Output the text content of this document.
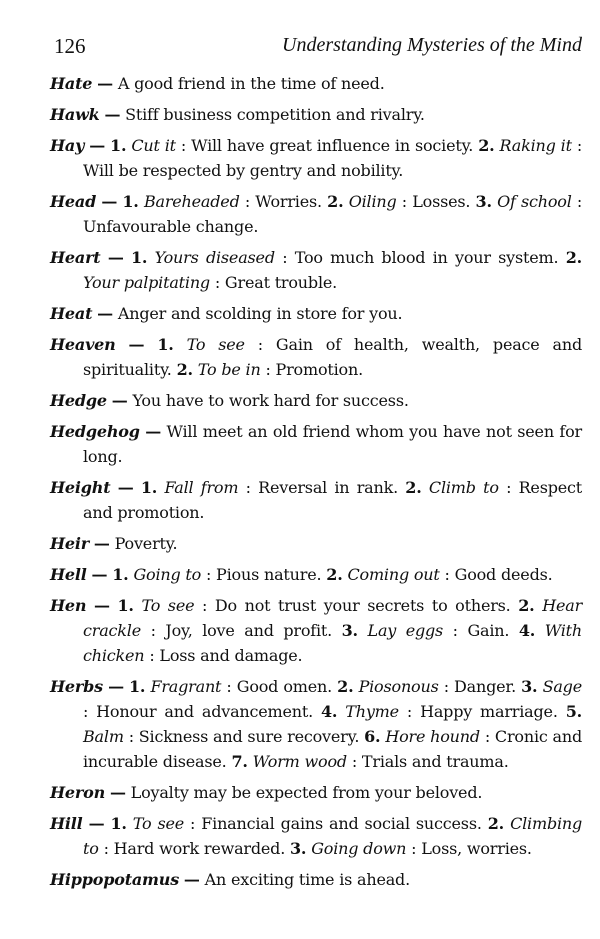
126	Understanding Mysteries of the Mind

Hate — A good friend in the time of need.

Hawk — Stiff business competition and rivalry.

Hay — 1. Cut it : Will have great influence in society. 2. Raking it : Will be respected by gentry and nobility.

Head — 1. Bareheaded : Worries. 2. Oiling : Losses. 3. Of school : Unfavourable change.

Heart — 1. Yours diseased : Too much blood in your system. 2. Your palpitating : Great trouble.

Heat — Anger and scolding in store for you.

Heaven — 1. To see : Gain of health, wealth, peace and spirituality. 2. To be in : Promotion.

Hedge — You have to work hard for success.

Hedgehog — Will meet an old friend whom you have not seen for long.

Height — 1. Fall from : Reversal in rank. 2. Climb to : Respect and promotion.

Heir — Poverty.

Hell — 1. Going to : Pious nature. 2. Coming out : Good deeds.

Hen — 1. To see : Do not trust your secrets to others. 2. Hear crackle : Joy, love and profit. 3. Lay eggs : Gain. 4. With chicken : Loss and damage.

Herbs — 1. Fragrant : Good omen. 2. Piosonous : Danger. 3. Sage : Honour and advancement. 4. Thyme : Happy marriage. 5. Balm : Sickness and sure recovery. 6. Hore hound : Cronic and incurable disease. 7. Worm wood : Trials and trauma.

Heron — Loyalty may be expected from your beloved.

Hill — 1. To see : Financial gains and social success. 2. Climbing to : Hard work rewarded. 3. Going down : Loss, worries.

Hippopotamus — An exciting time is ahead.
